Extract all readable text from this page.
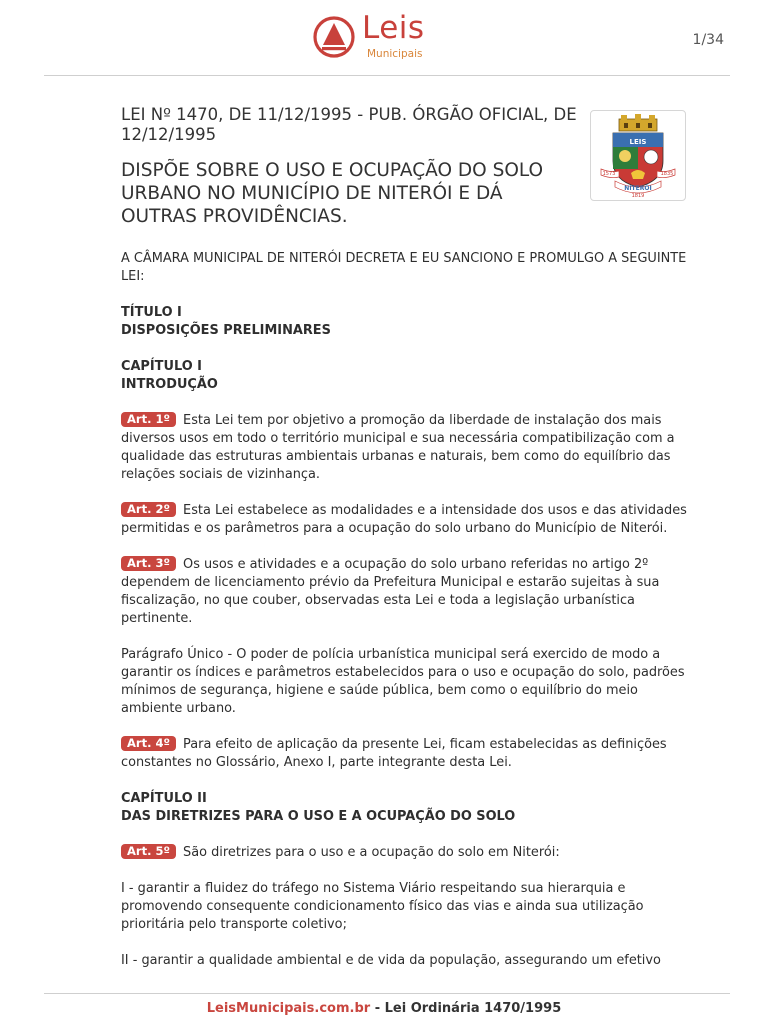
Leis
Municipais
1/34

LEI Nº 1470, DE 11/12/1995 - PUB. ÓRGÃO OFICIAL, DE 12/12/1995

DISPÕE SOBRE O USO E OCUPAÇÃO DO SOLO URBANO NO MUNICÍPIO DE NITERÓI E DÁ OUTRAS PROVIDÊNCIAS.

LEIS
1573	1835
NITERÓI
1819

A CÂMARA MUNICIPAL DE NITERÓI DECRETA E EU SANCIONO E PROMULGO A SEGUINTE LEI:

TÍTULO I

DISPOSIÇÕES PRELIMINARES

CAPÍTULO I

INTRODUÇÃO

Art. 1º Esta Lei tem por objetivo a promoção da liberdade de instalação dos mais diversos usos em todo o território municipal e sua necessária compatibilização com a qualidade das estruturas ambientais urbanas e naturais, bem como do equilíbrio das relações sociais de vizinhança.

Art. 2º Esta Lei estabelece as modalidades e a intensidade dos usos e das atividades permitidas e os parâmetros para a ocupação do solo urbano do Município de Niterói.

Art. 3º Os usos e atividades e a ocupação do solo urbano referidas no artigo 2º dependem de licenciamento prévio da Prefeitura Municipal e estarão sujeitas à sua fiscalização, no que couber, observadas esta Lei e toda a legislação urbanística pertinente.

Parágrafo Único - O poder de polícia urbanística municipal será exercido de modo a garantir os índices e parâmetros estabelecidos para o uso e ocupação do solo, padrões mínimos de segurança, higiene e saúde pública, bem como o equilíbrio do meio ambiente urbano.

Art. 4º Para efeito de aplicação da presente Lei, ficam estabelecidas as definições constantes no Glossário, Anexo I, parte integrante desta Lei.

CAPÍTULO II

DAS DIRETRIZES PARA O USO E A OCUPAÇÃO DO SOLO

Art. 5º São diretrizes para o uso e a ocupação do solo em Niterói:

I - garantir a fluidez do tráfego no Sistema Viário respeitando sua hierarquia e promovendo consequente condicionamento físico das vias e ainda sua utilização prioritária pelo transporte coletivo;

II - garantir a qualidade ambiental e de vida da população, assegurando um efetivo

LeisMunicipais.com.br - Lei Ordinária 1470/1995
